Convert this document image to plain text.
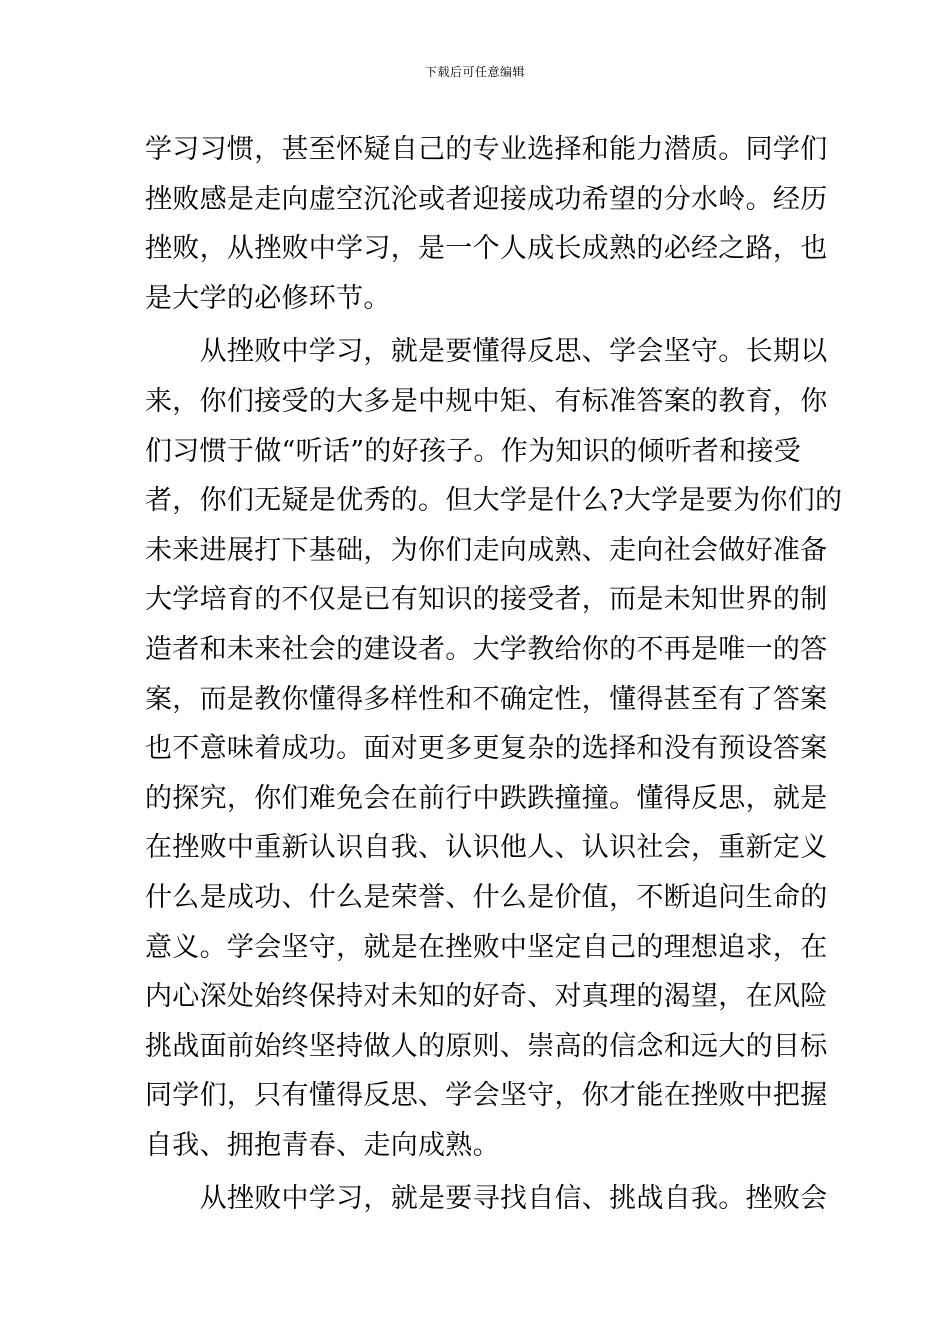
下载后可任意编辑
学习习惯，甚至怀疑自己的专业选择和能力潜质。同学们
挫败感是走向虚空沉沦或者迎接成功希望的分水岭。经历
挫败，从挫败中学习，是一个人成长成熟的必经之路，也
是大学的必修环节。
　　从挫败中学习，就是要懂得反思、学会坚守。长期以
来，你们接受的大多是中规中矩、有标准答案的教育，你
们习惯于做“听话”的好孩子。作为知识的倾听者和接受
者，你们无疑是优秀的。但大学是什么?大学是要为你们的
未来进展打下基础，为你们走向成熟、走向社会做好准备
大学培育的不仅是已有知识的接受者，而是未知世界的制
造者和未来社会的建设者。大学教给你的不再是唯一的答
案，而是教你懂得多样性和不确定性，懂得甚至有了答案
也不意味着成功。面对更多更复杂的选择和没有预设答案
的探究，你们难免会在前行中跌跌撞撞。懂得反思，就是
在挫败中重新认识自我、认识他人、认识社会，重新定义
什么是成功、什么是荣誉、什么是价值，不断追问生命的
意义。学会坚守，就是在挫败中坚定自己的理想追求，在
内心深处始终保持对未知的好奇、对真理的渴望，在风险
挑战面前始终坚持做人的原则、崇高的信念和远大的目标
同学们，只有懂得反思、学会坚守，你才能在挫败中把握
自我、拥抱青春、走向成熟。
　　从挫败中学习，就是要寻找自信、挑战自我。挫败会
